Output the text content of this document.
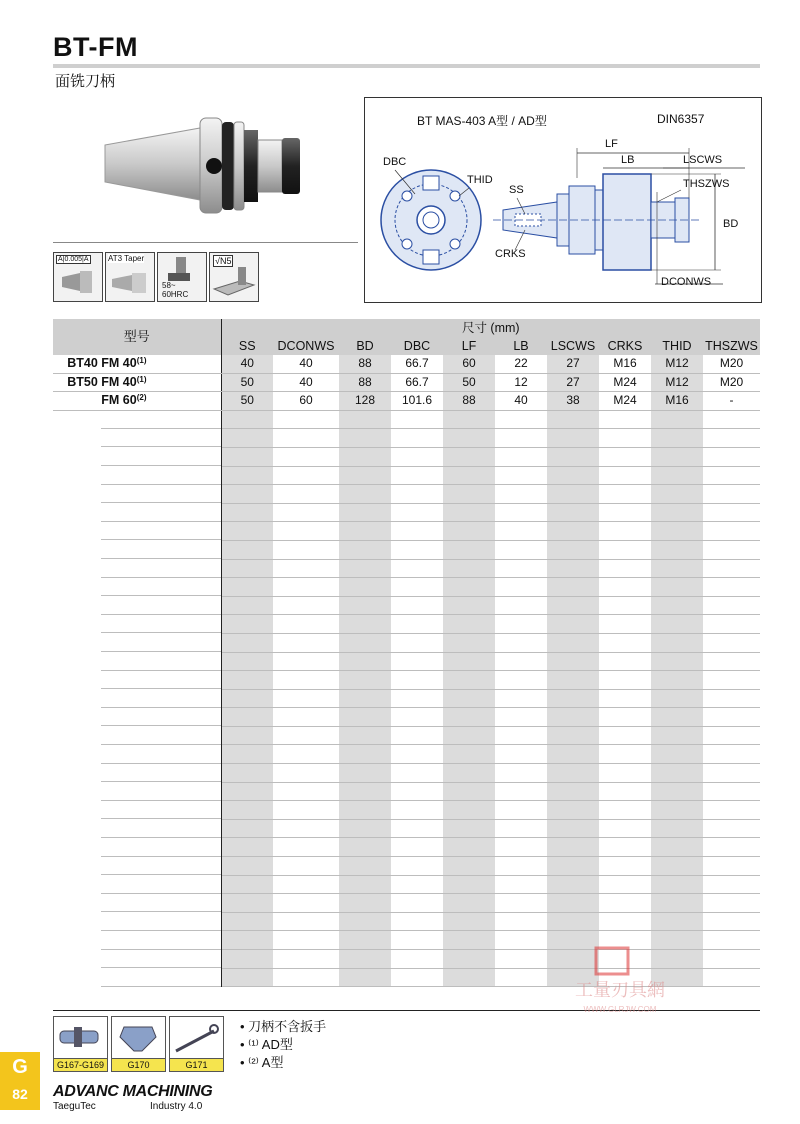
BT-FM
面铣刀柄
A|0.005|A AT3 Taper
58~
60HRC
√N5
BT MAS-403 A型 / AD型	DIN6357
LF
LB	LSCWS
THSZWS
BD
DCONWS
DBC
THID
SS
CRKS
型号	尺寸 (mm)									
	SS	DCONWS	BD	DBC	LF	LB	LSCWS	CRKS	THID	THSZWS
BT40 FM 40$^{(1)}$	40	40	88	66.7	60	22	27	M16	M12	M20
BT50 FM 40$^{(1)}$	50	40	88	66.7	50	12	27	M24	M12	M20
FM 60$^{(2)}$	50	60	128	101.6	88	40	38	M24	M16	-

G167-G169	G170	G171
• 刀柄不含扳手
• ⁽¹⁾ AD型
• ⁽²⁾ A型
G
82	ADVANC MACHINING
TaeguTec	Industry 4.0
工量刃具網
WWW.GLRJW.COM
